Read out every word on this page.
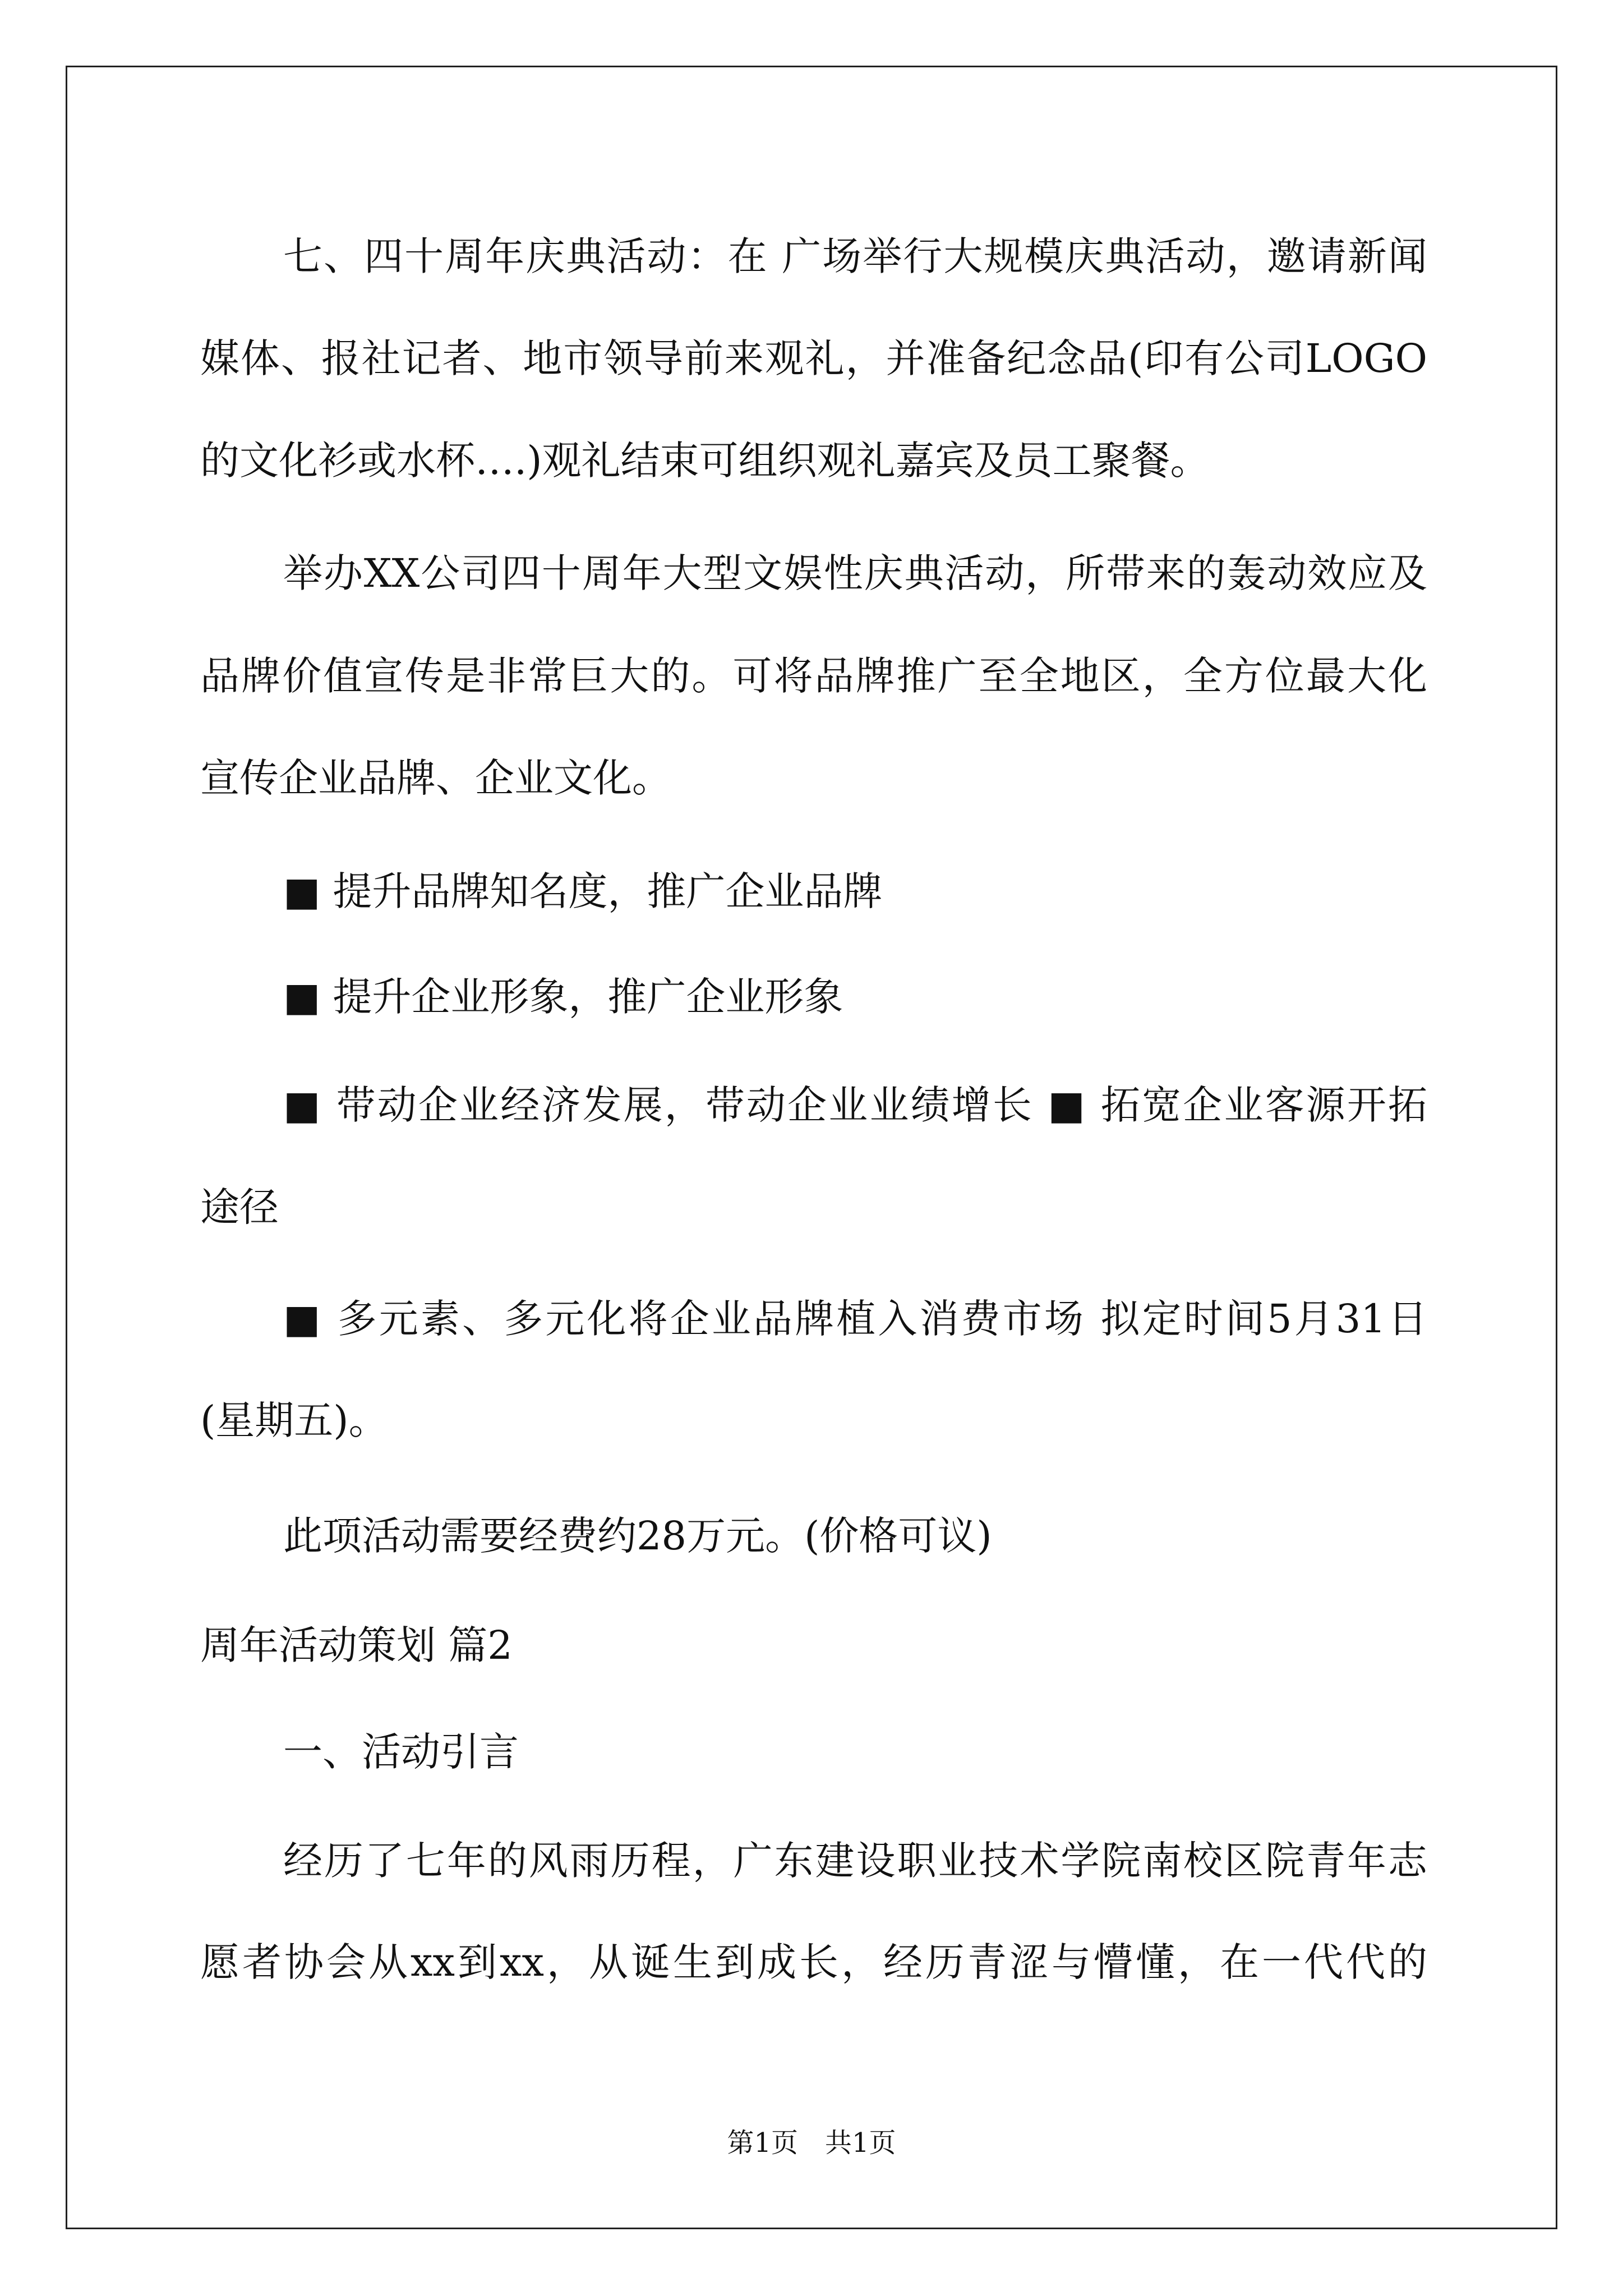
七、四十周年庆典活动：在 广场举行大规模庆典活动，邀请新闻
媒体、报社记者、地市领导前来观礼，并准备纪念品(印有公司LOGO
的文化衫或水杯….)观礼结束可组织观礼嘉宾及员工聚餐。
举办XX公司四十周年大型文娱性庆典活动，所带来的轰动效应及
品牌价值宣传是非常巨大的。可将品牌推广至全地区，全方位最大化
宣传企业品牌、企业文化。
■ 提升品牌知名度，推广企业品牌
■ 提升企业形象，推广企业形象
■ 带动企业经济发展，带动企业业绩增长 ■ 拓宽企业客源开拓
途径
■ 多元素、多元化将企业品牌植入消费市场 拟定时间5月31日
(星期五)。
此项活动需要经费约28万元。(价格可议)
周年活动策划 篇2
一、活动引言
经历了七年的风雨历程，广东建设职业技术学院南校区院青年志
愿者协会从xx到xx，从诞生到成长，经历青涩与懵懂，在一代代的
第1页　共1页
